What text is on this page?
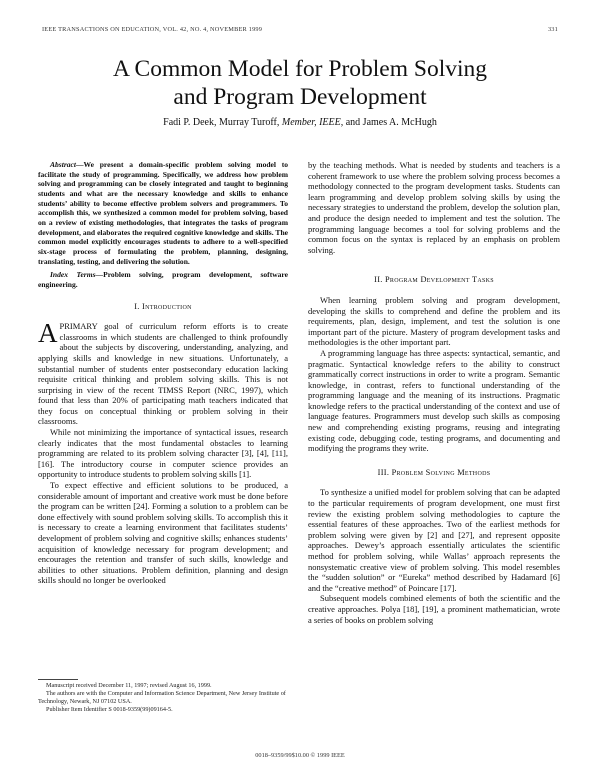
IEEE TRANSACTIONS ON EDUCATION, VOL. 42, NO. 4, NOVEMBER 1999	331
A Common Model for Problem Solving
and Program Development
Fadi P. Deek, Murray Turoff, Member, IEEE, and James A. McHugh

Abstract—We present a domain-specific problem solving model to facilitate the study of programming. Specifically, we address how problem solving and programming can be closely integrated and taught to beginning students and what are the necessary knowledge and skills to enhance students’ ability to become effective problem solvers and programmers. To accomplish this, we synthesized a common model for problem solving, based on a review of existing methodologies, that integrates the tasks of program development, and elaborates the required cognitive knowledge and skills. The common model explicitly encourages students to adhere to a well-specified six-stage process of formulating the problem, planning, designing, translating, testing, and delivering the solution.

Index Terms—Problem solving, program development, software engineering.

I. Introduction

APRIMARY goal of curriculum reform efforts is to create classrooms in which students are challenged to think profoundly about the subjects by discovering, understanding, analyzing, and applying skills and knowledge in new situations. Unfortunately, a substantial number of students enter postsecondary education lacking requisite critical thinking and problem solving skills. This is not surprising in view of the recent TIMSS Report (NRC, 1997), which found that less than 20% of participating math teachers indicated that they focus on conceptual thinking or problem solving in their classrooms.

While not minimizing the importance of syntactical issues, research clearly indicates that the most fundamental obstacles to learning programming are related to its problem solving character [3], [4], [11], [16]. The introductory course in computer science provides an opportunity to introduce students to problem solving skills [1].

To expect effective and efficient solutions to be produced, a considerable amount of important and creative work must be done before the program can be written [24]. Forming a solution to a problem can be done effectively with sound problem solving skills. To accomplish this it is necessary to create a learning environment that facilitates students’ development of problem solving and cognitive skills; enhances students’ acquisition of knowledge necessary for program development; and encourages the retention and transfer of such skills, knowledge and abilities to other situations. Problem definition, planning and design skills should no longer be overlooked

Manuscript received December 11, 1997; revised August 16, 1999.
The authors are with the Computer and Information Science Department, New Jersey Institute of Technology, Newark, NJ 07102 USA.
Publisher Item Identifier S 0018-9359(99)09164-5.

by the teaching methods. What is needed by students and teachers is a coherent framework to use where the problem solving process becomes a methodology connected to the program development tasks. Students can learn programming and develop problem solving skills by using the necessary strategies to understand the problem, develop the solution plan, and produce the design needed to implement and test the solution. The programming language becomes a tool for solving problems and the common focus on the syntax is replaced by an emphasis on problem solving.

II. Program Development Tasks

When learning problem solving and program development, developing the skills to comprehend and define the problem and its requirements, plan, design, implement, and test the solution is one important part of the picture. Mastery of program development tasks and methodologies is the other important part.

A programming language has three aspects: syntactical, semantic, and pragmatic. Syntactical knowledge refers to the ability to construct grammatically correct instructions in order to write a program. Semantic knowledge, in contrast, refers to functional understanding of the programming language and the meaning of its instructions. Pragmatic knowledge refers to the practical understanding of the context and use of language features. Programmers must develop such skills as composing new and comprehending existing programs, reusing and integrating existing code, debugging code, testing programs, and documenting and modifying the programs they write.

III. Problem Solving Methods

To synthesize a unified model for problem solving that can be adapted to the particular requirements of program development, one must first review the existing problem solving methodologies to capture the essential features of these approaches. Two of the earliest methods for problem solving were given by [2] and [27], and represent opposite approaches. Dewey’s approach essentially articulates the scientific method for problem solving, while Wallas’ approach represents the nonsystematic creative view of problem solving. This model resembles the “sudden solution” or “Eureka” method described by Hadamard [6] and the “creative method” of Poincare [17].

Subsequent models combined elements of both the scientific and the creative approaches. Polya [18], [19], a prominent mathematician, wrote a series of books on problem solving

0018–9359/99$10.00 © 1999 IEEE
